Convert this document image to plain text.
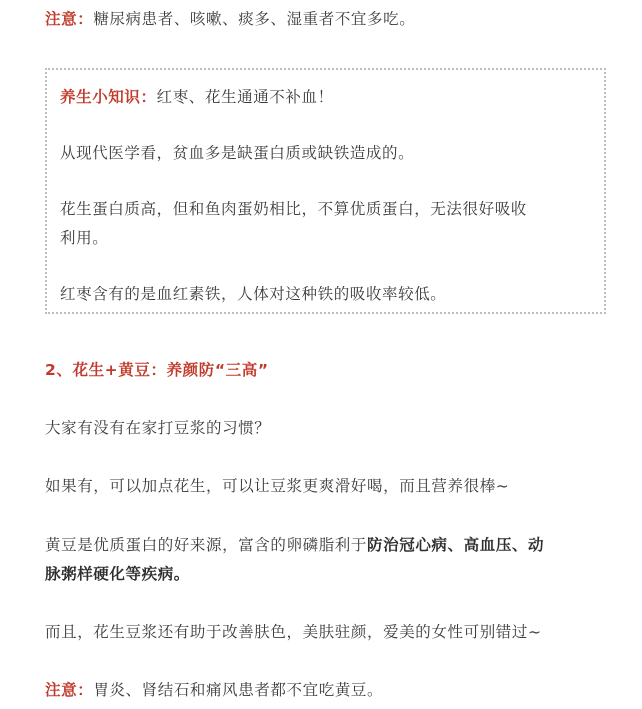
注意：糖尿病患者、咳嗽、痰多、湿重者不宜多吃。
养生小知识：红枣、花生通通不补血！
从现代医学看，贫血多是缺蛋白质或缺铁造成的。
花生蛋白质高，但和鱼肉蛋奶相比，不算优质蛋白，无法很好吸收
利用。
红枣含有的是血红素铁，人体对这种铁的吸收率较低。
2、花生+黄豆：养颜防“三高”
大家有没有在家打豆浆的习惯？
如果有，可以加点花生，可以让豆浆更爽滑好喝，而且营养很棒~
黄豆是优质蛋白的好来源，富含的卵磷脂利于防治冠心病、高血压、动
脉粥样硬化等疾病。
而且，花生豆浆还有助于改善肤色，美肤驻颜，爱美的女性可别错过~
注意：胃炎、肾结石和痛风患者都不宜吃黄豆。
